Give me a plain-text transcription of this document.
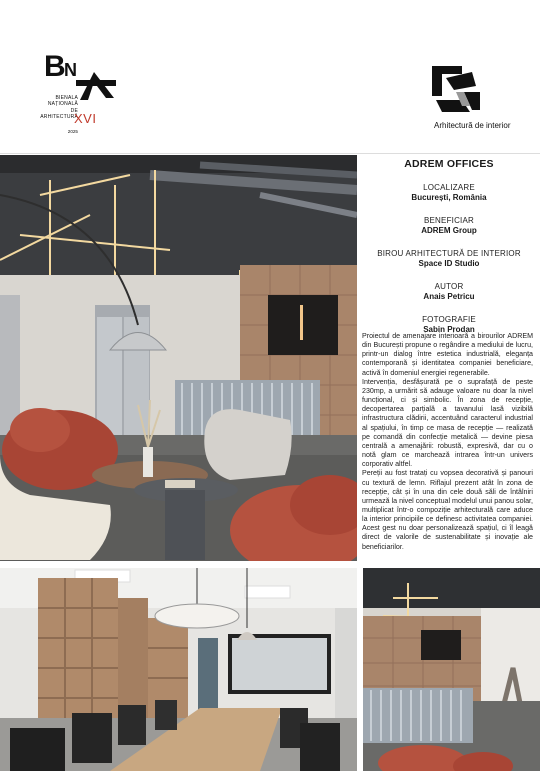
B
N
BIENALA
NAȚIONALĂ
DE
ARHITECTURĂ
2025
XVI	Arhitectură de interior
ADREM OFFICES
LOCALIZARE
București, România
BENEFICIAR
ADREM Group
BIROU ARHITECTURĂ DE INTERIOR
Space ID Studio
AUTOR
Anais Petricu
FOTOGRAFIE
Sabin Prodan

Proiectul de amenajare interioară a birourilor ADREM din București propune o regândire a mediului de lucru, printr-un dialog între estetica industrială, eleganța contemporană și identitatea companiei beneficiare, activă în domeniul energiei regenerabile.

Intervenția, desfășurată pe o suprafață de peste 230mp, a urmărit să adauge valoare nu doar la nivel funcțional, ci și simbolic. În zona de recepție, decopertarea parțială a tavanului lasă vizibilă infrastructura clădirii, accentuând caracterul industrial al spațiului, în timp ce masa de recepție — realizată pe comandă din confecție metalică — devine piesa centrală a amenajării: robustă, expresivă, dar cu o notă glam ce marchează intrarea într-un univers corporativ altfel.

Pereții au fost tratați cu vopsea decorativă și panouri cu textură de lemn. Riflajul prezent atât în zona de recepție, cât și în una din cele două săli de întâlniri urmează la nivel conceptual modelul unui panou solar, multiplicat într-o compoziție arhitecturală care aduce la interior principiile ce definesc activitatea companiei. Acest gest nu doar personalizează spațiul, ci îl leagă direct de valorile de sustenabilitate și inovație ale beneficiarilor.
